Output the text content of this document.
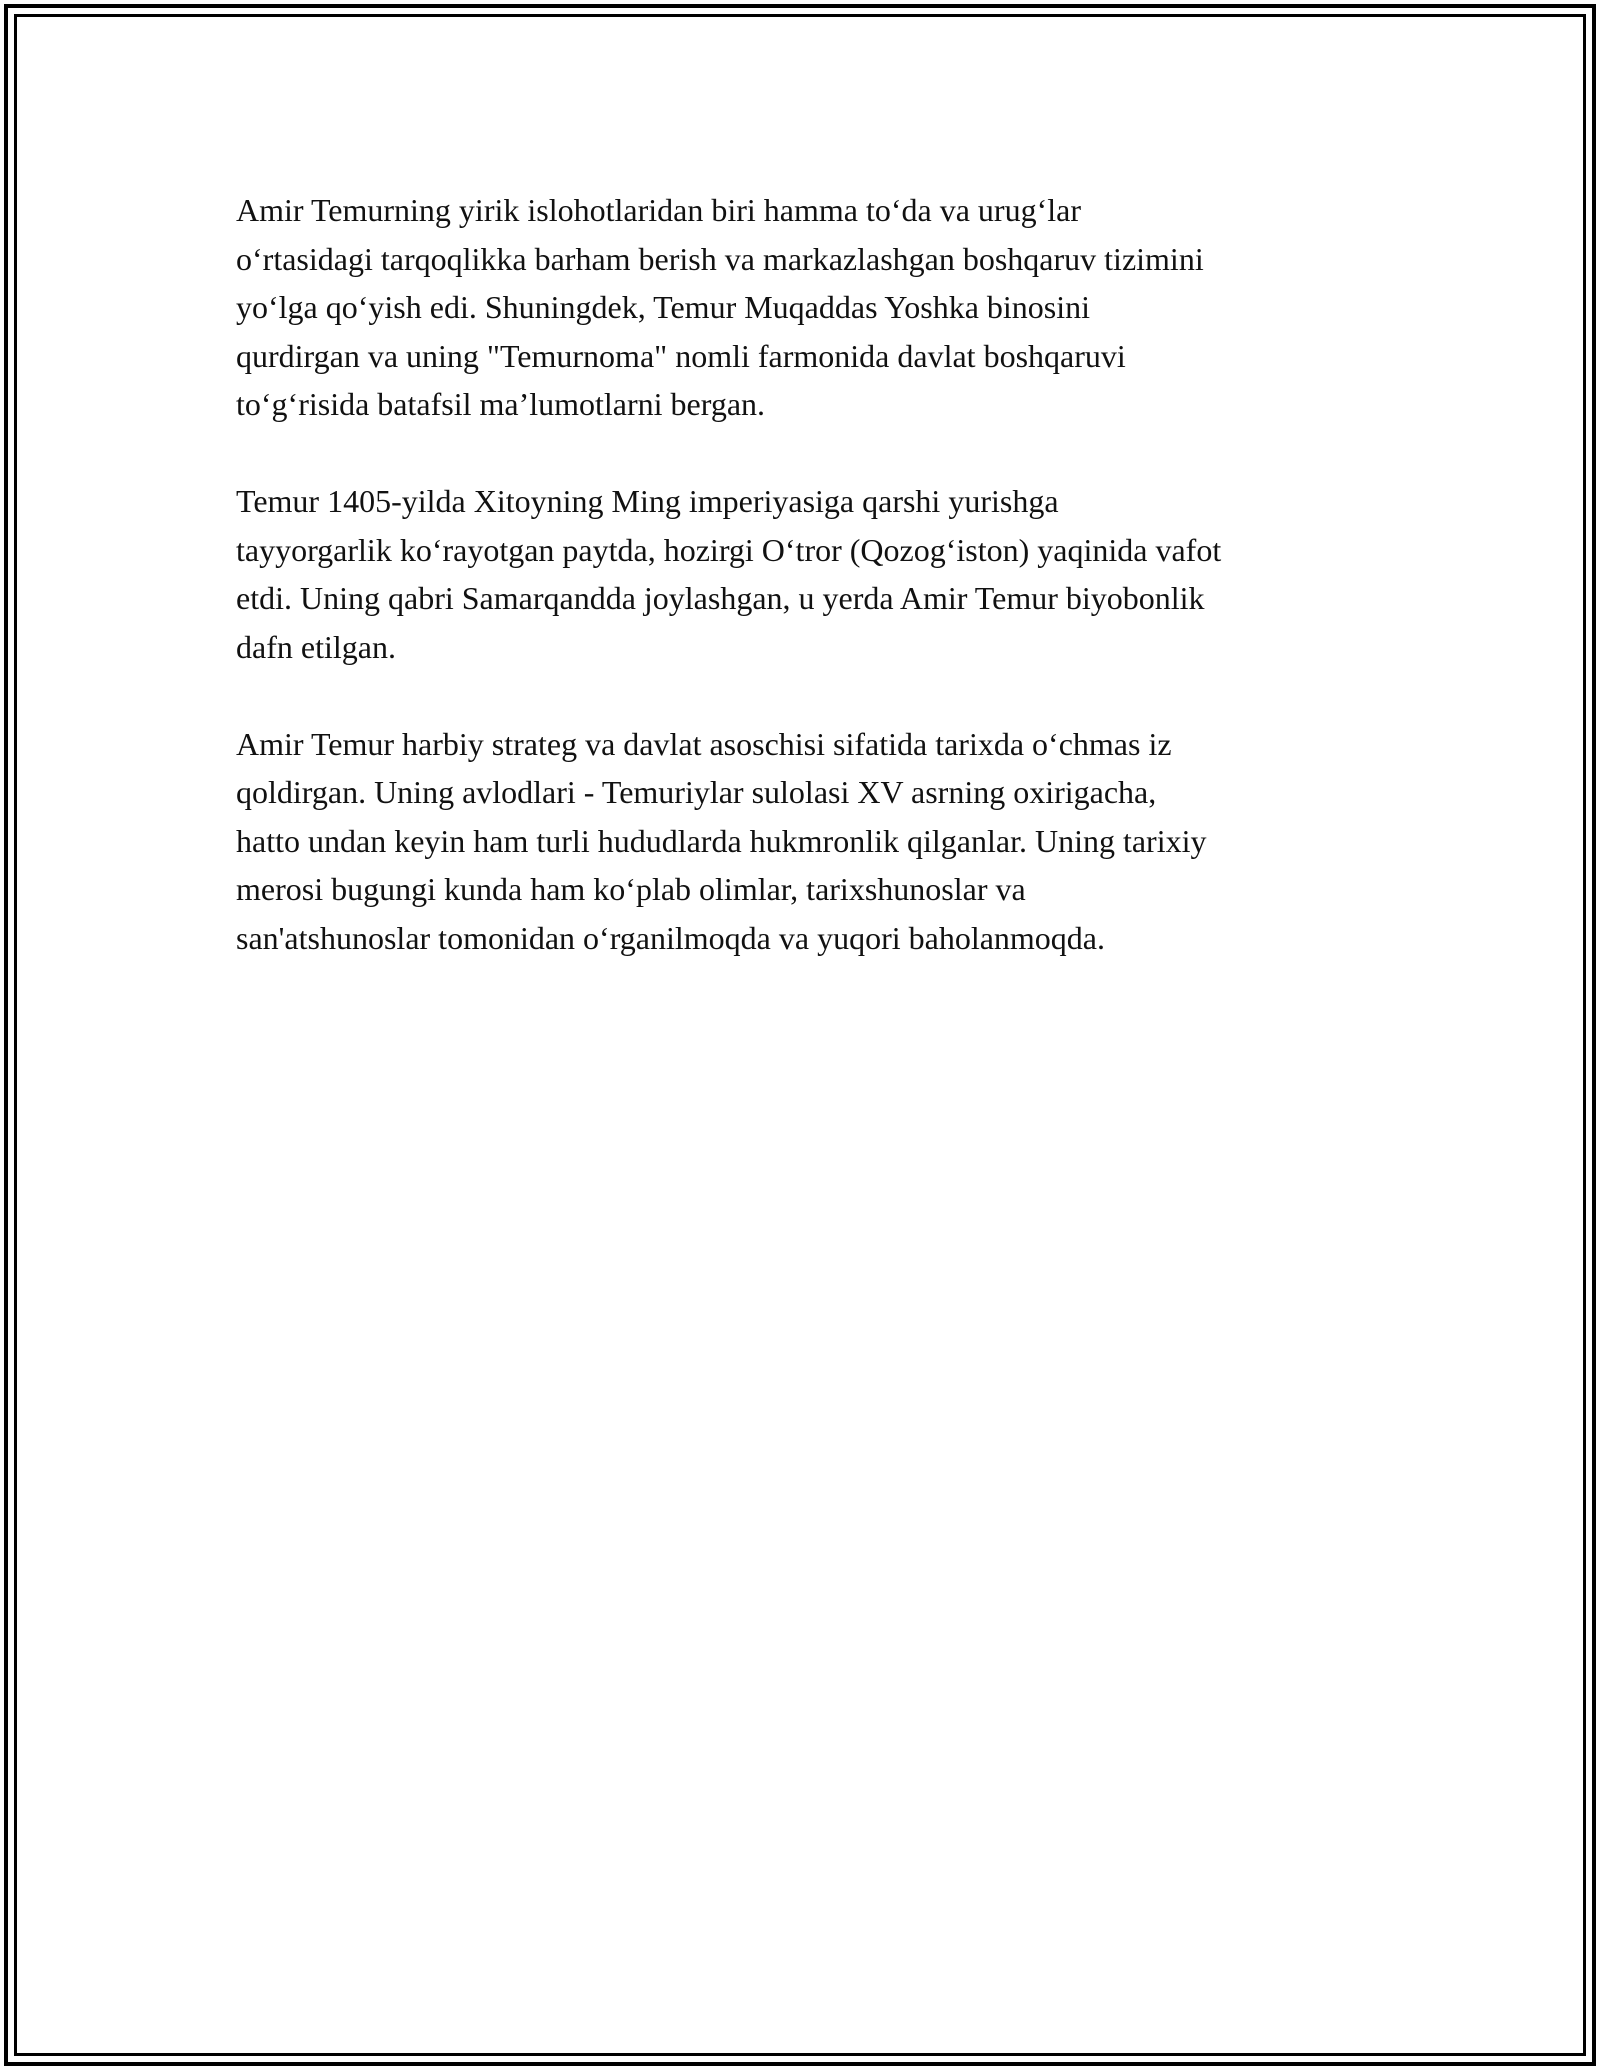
Amir Temurning yirik islohotlaridan biri hamma to‘da va urug‘lar
o‘rtasidagi tarqoqlikka barham berish va markazlashgan boshqaruv tizimini
yo‘lga qo‘yish edi. Shuningdek, Temur Muqaddas Yoshka binosini
qurdirgan va uning "Temurnoma" nomli farmonida davlat boshqaruvi
to‘g‘risida batafsil ma’lumotlarni bergan.

Temur 1405-yilda Xitoyning Ming imperiyasiga qarshi yurishga
tayyorgarlik ko‘rayotgan paytda, hozirgi O‘tror (Qozog‘iston) yaqinida vafot
etdi. Uning qabri Samarqandda joylashgan, u yerda Amir Temur biyobonlik
dafn etilgan.

Amir Temur harbiy strateg va davlat asoschisi sifatida tarixda o‘chmas iz
qoldirgan. Uning avlodlari - Temuriylar sulolasi XV asrning oxirigacha,
hatto undan keyin ham turli hududlarda hukmronlik qilganlar. Uning tarixiy
merosi bugungi kunda ham ko‘plab olimlar, tarixshunoslar va
san'atshunoslar tomonidan o‘rganilmoqda va yuqori baholanmoqda.
